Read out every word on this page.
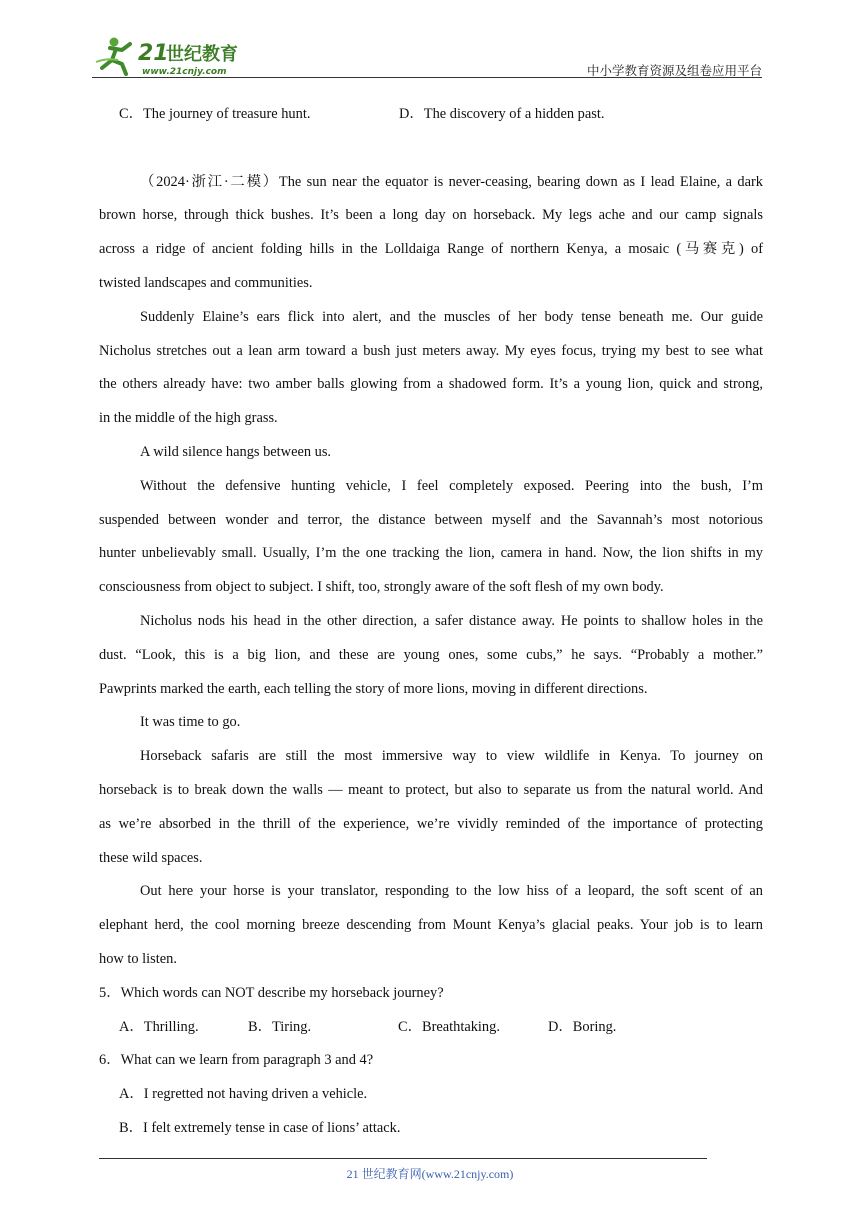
21
世纪教育
www.21cnjy.com	中小学教育资源及组卷应用平台
C．The journey of treasure hunt.	D．The discovery of a hidden past.
（2024·浙江·二模）The sun near the equator is never-ceasing, bearing down as I lead Elaine, a dark
brown horse, through thick bushes. It’s been a long day on horseback. My legs ache and our camp signals
across a ridge of ancient folding hills in the Lolldaiga Range of northern Kenya, a mosaic (马赛克) of
twisted landscapes and communities.
Suddenly Elaine’s ears flick into alert, and the muscles of her body tense beneath me. Our guide
Nicholus stretches out a lean arm toward a bush just meters away. My eyes focus, trying my best to see what
the others already have: two amber balls glowing from a shadowed form. It’s a young lion, quick and strong,
in the middle of the high grass.
A wild silence hangs between us.
Without the defensive hunting vehicle, I feel completely exposed. Peering into the bush, I’m
suspended between wonder and terror, the distance between myself and the Savannah’s most notorious
hunter unbelievably small. Usually, I’m the one tracking the lion, camera in hand. Now, the lion shifts in my
consciousness from object to subject. I shift, too, strongly aware of the soft flesh of my own body.
Nicholus nods his head in the other direction, a safer distance away. He points to shallow holes in the
dust. “Look, this is a big lion, and these are young ones, some cubs,” he says. “Probably a mother.”
Pawprints marked the earth, each telling the story of more lions, moving in different directions.
It was time to go.
Horseback safaris are still the most immersive way to view wildlife in Kenya. To journey on
horseback is to break down the walls — meant to protect, but also to separate us from the natural world. And
as we’re absorbed in the thrill of the experience, we’re vividly reminded of the importance of protecting
these wild spaces.
Out here your horse is your translator, responding to the low hiss of a leopard, the soft scent of an
elephant herd, the cool morning breeze descending from Mount Kenya’s glacial peaks. Your job is to learn
how to listen.
5．Which words can NOT describe my horseback journey?
A．Thrilling.	B．Tiring.	C．Breathtaking.	D．Boring.
6．What can we learn from paragraph 3 and 4?
A．I regretted not having driven a vehicle.
B．I felt extremely tense in case of lions’ attack.
21 世纪教育网(www.21cnjy.com)
